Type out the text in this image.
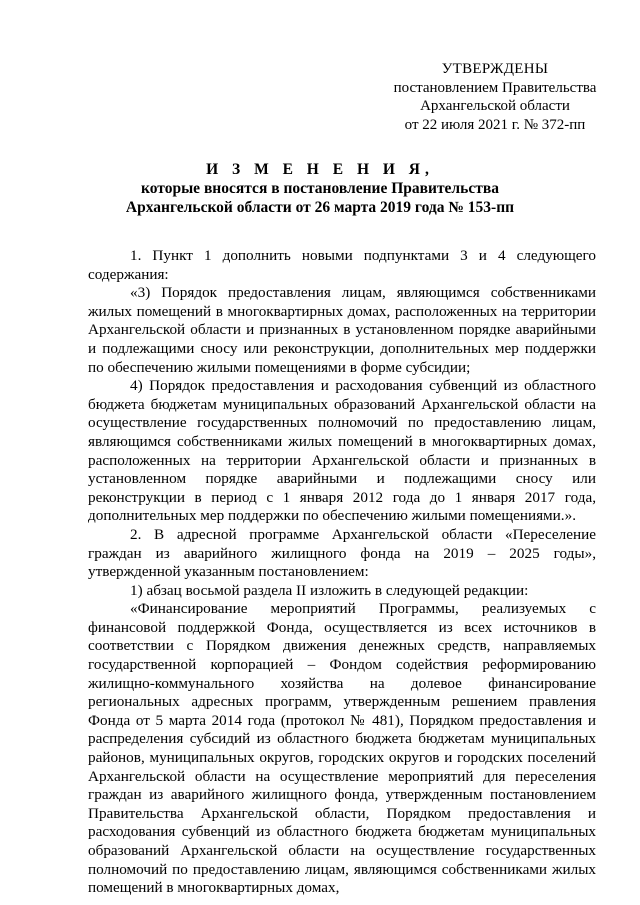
УТВЕРЖДЕНЫ
постановлением Правительства
Архангельской области
от 22 июля 2021 г. № 372-пп
И З М Е Н Е Н И Я,
которые вносятся в постановление Правительства
Архангельской области от 26 марта 2019 года № 153-пп

1. Пункт 1 дополнить новыми подпунктами 3 и 4 следующего содержания:

«3) Порядок предоставления лицам, являющимся собственниками жилых помещений в многоквартирных домах, расположенных на территории Архангельской области и признанных в установленном порядке аварийными и подлежащими сносу или реконструкции, дополнительных мер поддержки по обеспечению жилыми помещениями в форме субсидии;

4) Порядок предоставления и расходования субвенций из областного бюджета бюджетам муниципальных образований Архангельской области на осуществление государственных полномочий по предоставлению лицам, являющимся собственниками жилых помещений в многоквартирных домах, расположенных на территории Архангельской области и признанных в установленном порядке аварийными и подлежащими сносу или реконструкции в период с 1 января 2012 года до 1 января 2017 года, дополнительных мер поддержки по обеспечению жилыми помещениями.».

2. В адресной программе Архангельской области «Переселение граждан из аварийного жилищного фонда на 2019 – 2025 годы», утвержденной указанным постановлением:

1) абзац восьмой раздела II изложить в следующей редакции:

«Финансирование мероприятий Программы, реализуемых с финансовой поддержкой Фонда, осуществляется из всех источников в соответствии с Порядком движения денежных средств, направляемых государственной корпорацией – Фондом содействия реформированию жилищно-коммунального хозяйства на долевое финансирование региональных адресных программ, утвержденным решением правления Фонда от 5 марта 2014 года (протокол № 481), Порядком предоставления и распределения субсидий из областного бюджета бюджетам муниципальных районов, муниципальных округов, городских округов и городских поселений Архангельской области на осуществление мероприятий для переселения граждан из аварийного жилищного фонда, утвержденным постановлением Правительства Архангельской области, Порядком предоставления и расходования субвенций из областного бюджета бюджетам муниципальных образований Архангельской области на осуществление государственных полномочий по предоставлению лицам, являющимся собственниками жилых помещений в многоквартирных домах,
